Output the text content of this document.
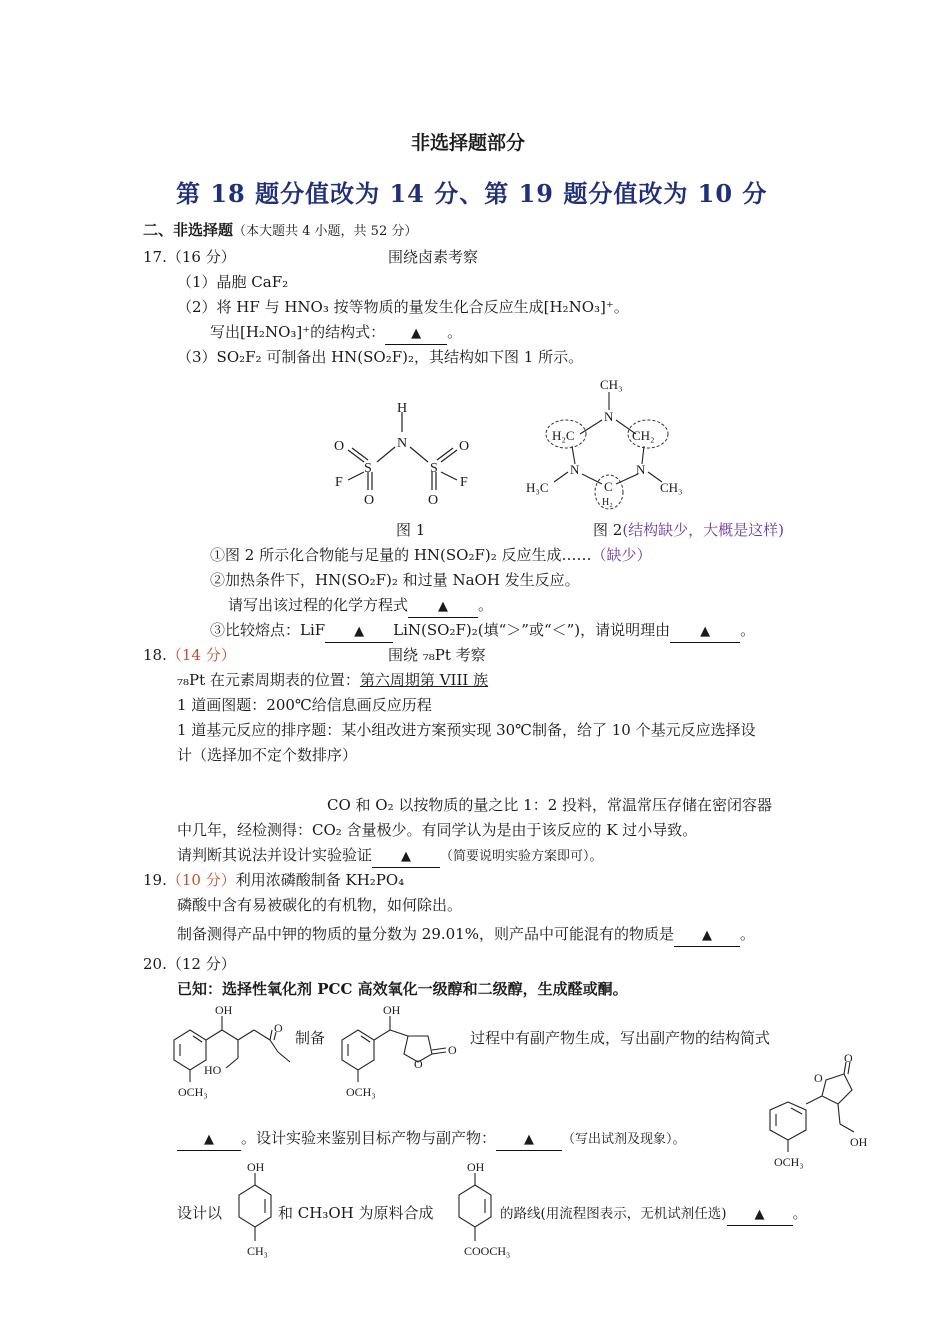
非选择题部分
第 18 题分值改为 14 分、第 19 题分值改为 10 分
二、非选择题（本大题共 4 小题，共 52 分）
17.（16 分）	围绕卤素考察
（1）晶胞 CaF₂
（2）将 HF 与 HNO₃ 按等物质的量发生化合反应生成[H₂NO₃]⁺。
写出[H₂NO₃]⁺的结构式： ▲ 。
（3）SO₂F₂ 可制备出 HN(SO₂F)₂，其结构如下图 1 所示。
H
N
S	S
O
O
O
O
F	F
CH₃
N
H₂C	CH₂
N	N
H₃C	CH₃
C
H₂
图 1	图 2(结构缺少，大概是这样)
①图 2 所示化合物能与足量的 HN(SO₂F)₂ 反应生成……（缺少）
②加热条件下，HN(SO₂F)₂ 和过量 NaOH 发生反应。
请写出该过程的化学方程式 ▲ 。
③比较熔点：LiF ▲ LiN(SO₂F)₂(填“＞”或“＜”)，请说明理由 ▲ 。
18.（14 分）	围绕 ₇₈Pt 考察
₇₈Pt 在元素周期表的位置：第六周期第 VIII 族
1 道画图题：200℃给信息画反应历程
1 道基元反应的排序题：某小组改进方案预实现 30℃制备，给了 10 个基元反应选择设
计（选择加不定个数排序）
CO 和 O₂ 以按物质的量之比 1：2 投料，常温常压存储在密闭容器
中几年，经检测得：CO₂ 含量极少。有同学认为是由于该反应的 K 过小导致。
请判断其说法并设计实验验证 ▲ （简要说明实验方案即可）。
19.（10 分）利用浓磷酸制备 KH₂PO₄
磷酸中含有易被碳化的有机物，如何除出。
制备测得产品中钾的物质的量分数为 29.01%，则产品中可能混有的物质是 ▲ 。
20.（12 分）
已知：选择性氧化剂 PCC 高效氧化一级醇和二级醇，生成醛或酮。
OH
O
HO
OCH₃
制备
OH
O
O
OCH₃
过程中有副产物生成，写出副产物的结构简式
O
O
OH
OCH₃
▲ 。设计实验来鉴别目标产物与副产物： ▲ （写出试剂及现象）。
OH
CH₃
OH
COOCH₃
设计以	和 CH₃OH 为原料合成	的路线(用流程图表示，无机试剂任选) ▲ 。
